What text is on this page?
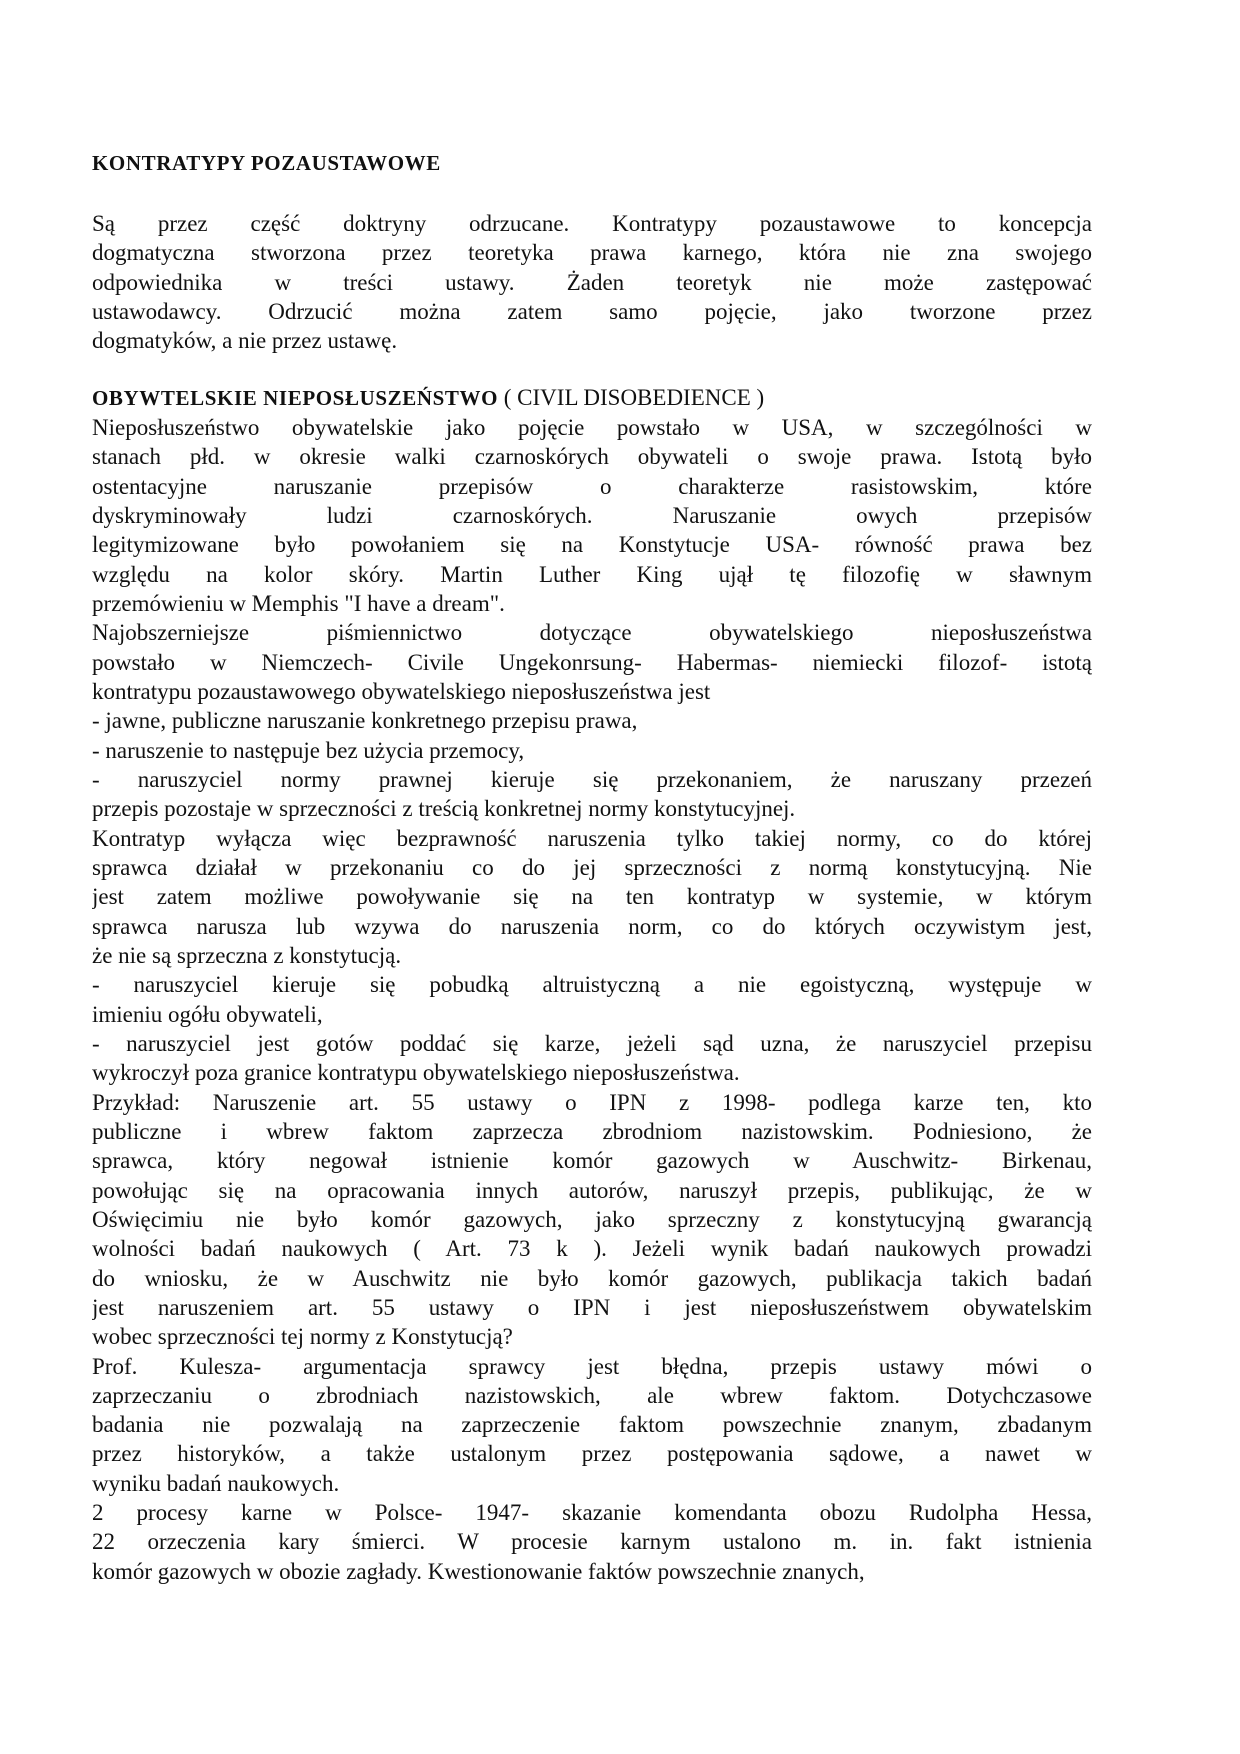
KONTRATYPY POZAUSTAWOWE
Są przez część doktryny odrzucane. Kontratypy pozaustawowe to koncepcja
dogmatyczna stworzona przez teoretyka prawa karnego, która nie zna swojego
odpowiednika w treści ustawy. Żaden teoretyk nie może zastępować
ustawodawcy. Odrzucić można zatem samo pojęcie, jako tworzone przez
dogmatyków, a nie przez ustawę.
OBYWTELSKIE NIEPOSŁUSZEŃSTWO ( CIVIL DISOBEDIENCE )
Nieposłuszeństwo obywatelskie jako pojęcie powstało w USA, w szczególności w
stanach płd. w okresie walki czarnoskórych obywateli o swoje prawa. Istotą było
ostentacyjne naruszanie przepisów o charakterze rasistowskim, które
dyskryminowały ludzi czarnoskórych. Naruszanie owych przepisów
legitymizowane było powołaniem się na Konstytucje USA- równość prawa bez
względu na kolor skóry. Martin Luther King ujął tę filozofię w sławnym
przemówieniu w Memphis "I have a dream".
Najobszerniejsze piśmiennictwo dotyczące obywatelskiego nieposłuszeństwa
powstało w Niemczech- Civile Ungekonrsung- Habermas- niemiecki filozof- istotą
kontratypu pozaustawowego obywatelskiego nieposłuszeństwa jest
- jawne, publiczne naruszanie konkretnego przepisu prawa,
- naruszenie to następuje bez użycia przemocy,
- naruszyciel normy prawnej kieruje się przekonaniem, że naruszany przezeń
przepis pozostaje w sprzeczności z treścią konkretnej normy konstytucyjnej.
Kontratyp wyłącza więc bezprawność naruszenia tylko takiej normy, co do której
sprawca działał w przekonaniu co do jej sprzeczności z normą konstytucyjną. Nie
jest zatem możliwe powoływanie się na ten kontratyp w systemie, w którym
sprawca narusza lub wzywa do naruszenia norm, co do których oczywistym jest,
że nie są sprzeczna z konstytucją.
- naruszyciel kieruje się pobudką altruistyczną a nie egoistyczną, występuje w
imieniu ogółu obywateli,
- naruszyciel jest gotów poddać się karze, jeżeli sąd uzna, że naruszyciel przepisu
wykroczył poza granice kontratypu obywatelskiego nieposłuszeństwa.
Przykład: Naruszenie art. 55 ustawy o IPN z 1998- podlega karze ten, kto
publiczne i wbrew faktom zaprzecza zbrodniom nazistowskim. Podniesiono, że
sprawca, który negował istnienie komór gazowych w Auschwitz- Birkenau,
powołując się na opracowania innych autorów, naruszył przepis, publikując, że w
Oświęcimiu nie było komór gazowych, jako sprzeczny z konstytucyjną gwarancją
wolności badań naukowych ( Art. 73 k ). Jeżeli wynik badań naukowych prowadzi
do wniosku, że w Auschwitz nie było komór gazowych, publikacja takich badań
jest naruszeniem art. 55 ustawy o IPN i jest nieposłuszeństwem obywatelskim
wobec sprzeczności tej normy z Konstytucją?
Prof. Kulesza- argumentacja sprawcy jest błędna, przepis ustawy mówi o
zaprzeczaniu o zbrodniach nazistowskich, ale wbrew faktom. Dotychczasowe
badania nie pozwalają na zaprzeczenie faktom powszechnie znanym, zbadanym
przez historyków, a także ustalonym przez postępowania sądowe, a nawet w
wyniku badań naukowych.
2 procesy karne w Polsce- 1947- skazanie komendanta obozu Rudolpha Hessa,
22 orzeczenia kary śmierci. W procesie karnym ustalono m. in. fakt istnienia
komór gazowych w obozie zagłady. Kwestionowanie faktów powszechnie znanych,
